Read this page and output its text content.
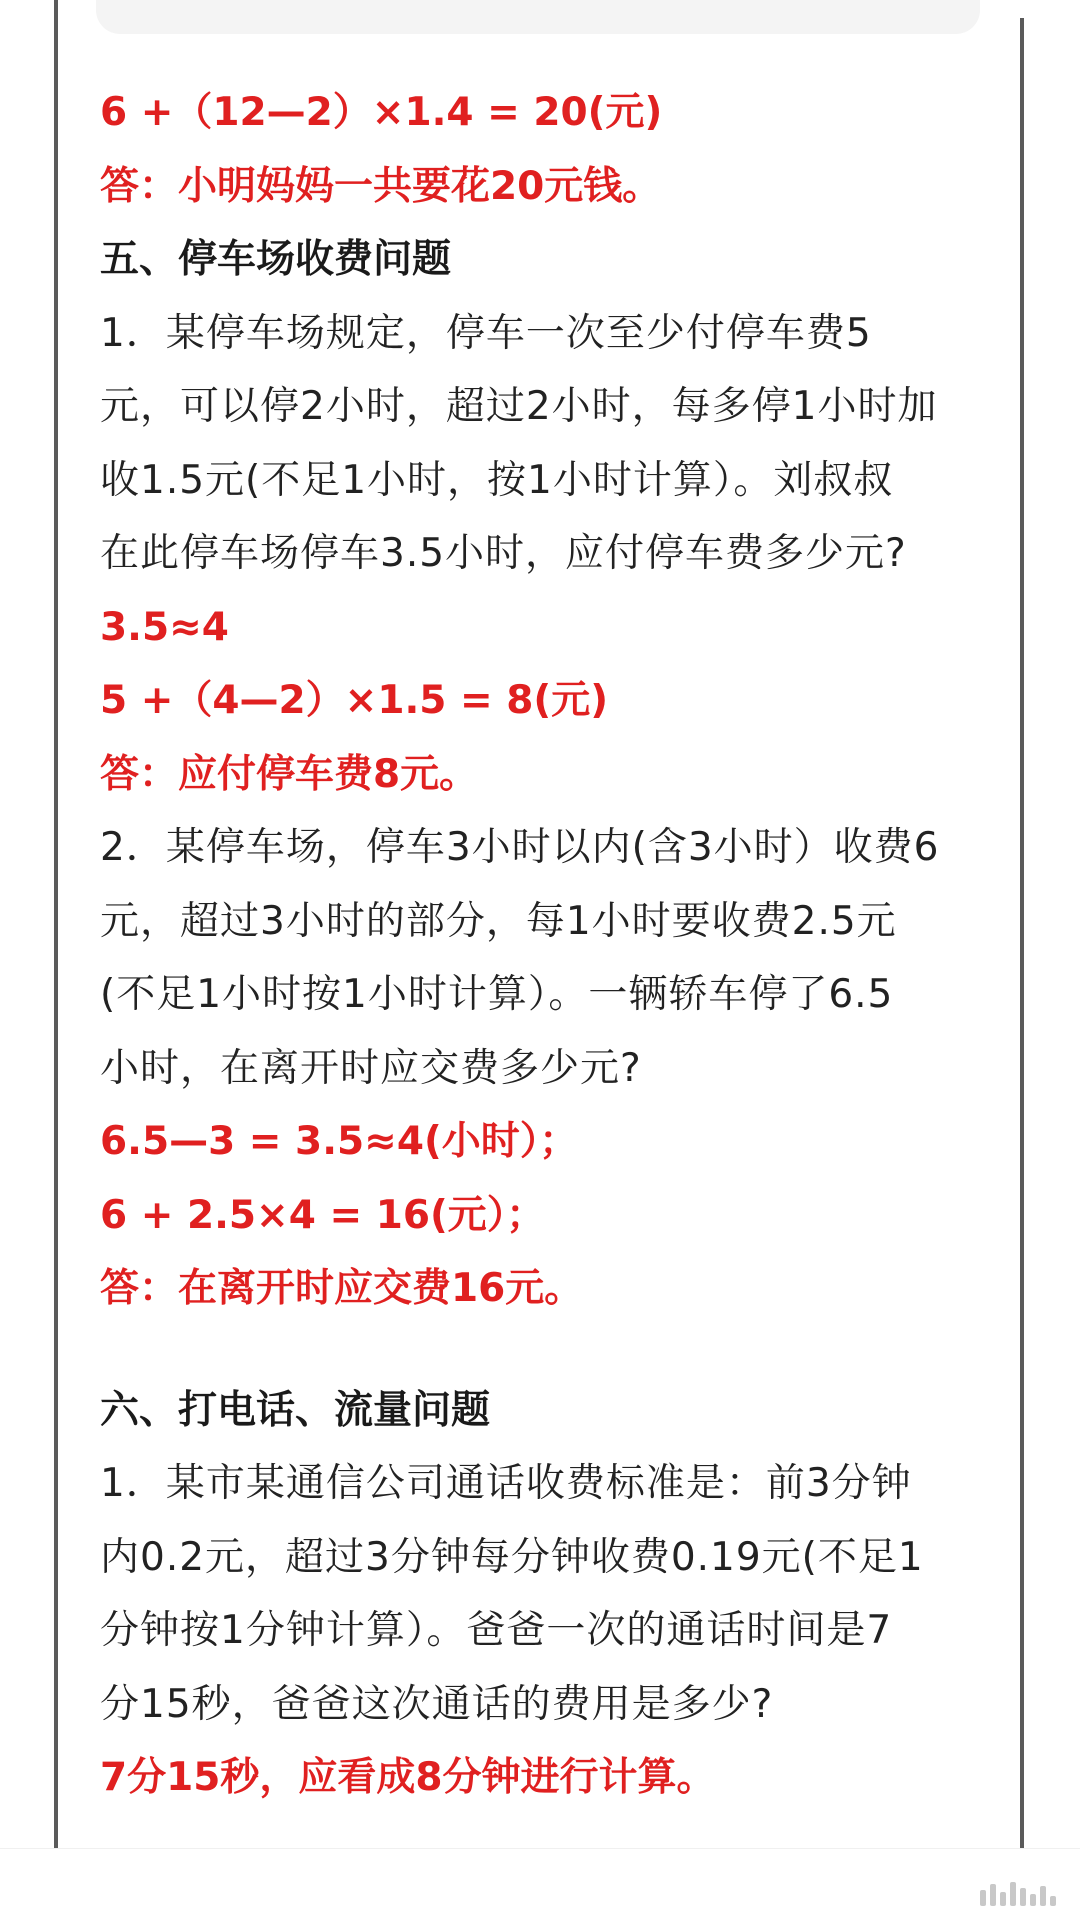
6 +（12—2）×1.4 = 20(元)

答：小明妈妈一共要花20元钱。

五、停车场收费问题

1．某停车场规定，停车一次至少付停车费5

元，可以停2小时，超过2小时，每多停1小时加

收1.5元(不足1小时，按1小时计算）。刘叔叔

在此停车场停车3.5小时，应付停车费多少元?

3.5≈4

5 +（4—2）×1.5 = 8(元)

答：应付停车费8元。

2．某停车场，停车3小时以内(含3小时）收费6

元，超过3小时的部分，每1小时要收费2.5元

(不足1小时按1小时计算）。一辆轿车停了6.5

小时，在离开时应交费多少元?

6.5—3 = 3.5≈4(小时）；

6 + 2.5×4 = 16(元）；

答：在离开时应交费16元。

六、打电话、流量问题

1．某市某通信公司通话收费标准是：前3分钟

内0.2元，超过3分钟每分钟收费0.19元(不足1

分钟按1分钟计算）。爸爸一次的通话时间是7

分15秒，爸爸这次通话的费用是多少?

7分15秒，应看成8分钟进行计算。
